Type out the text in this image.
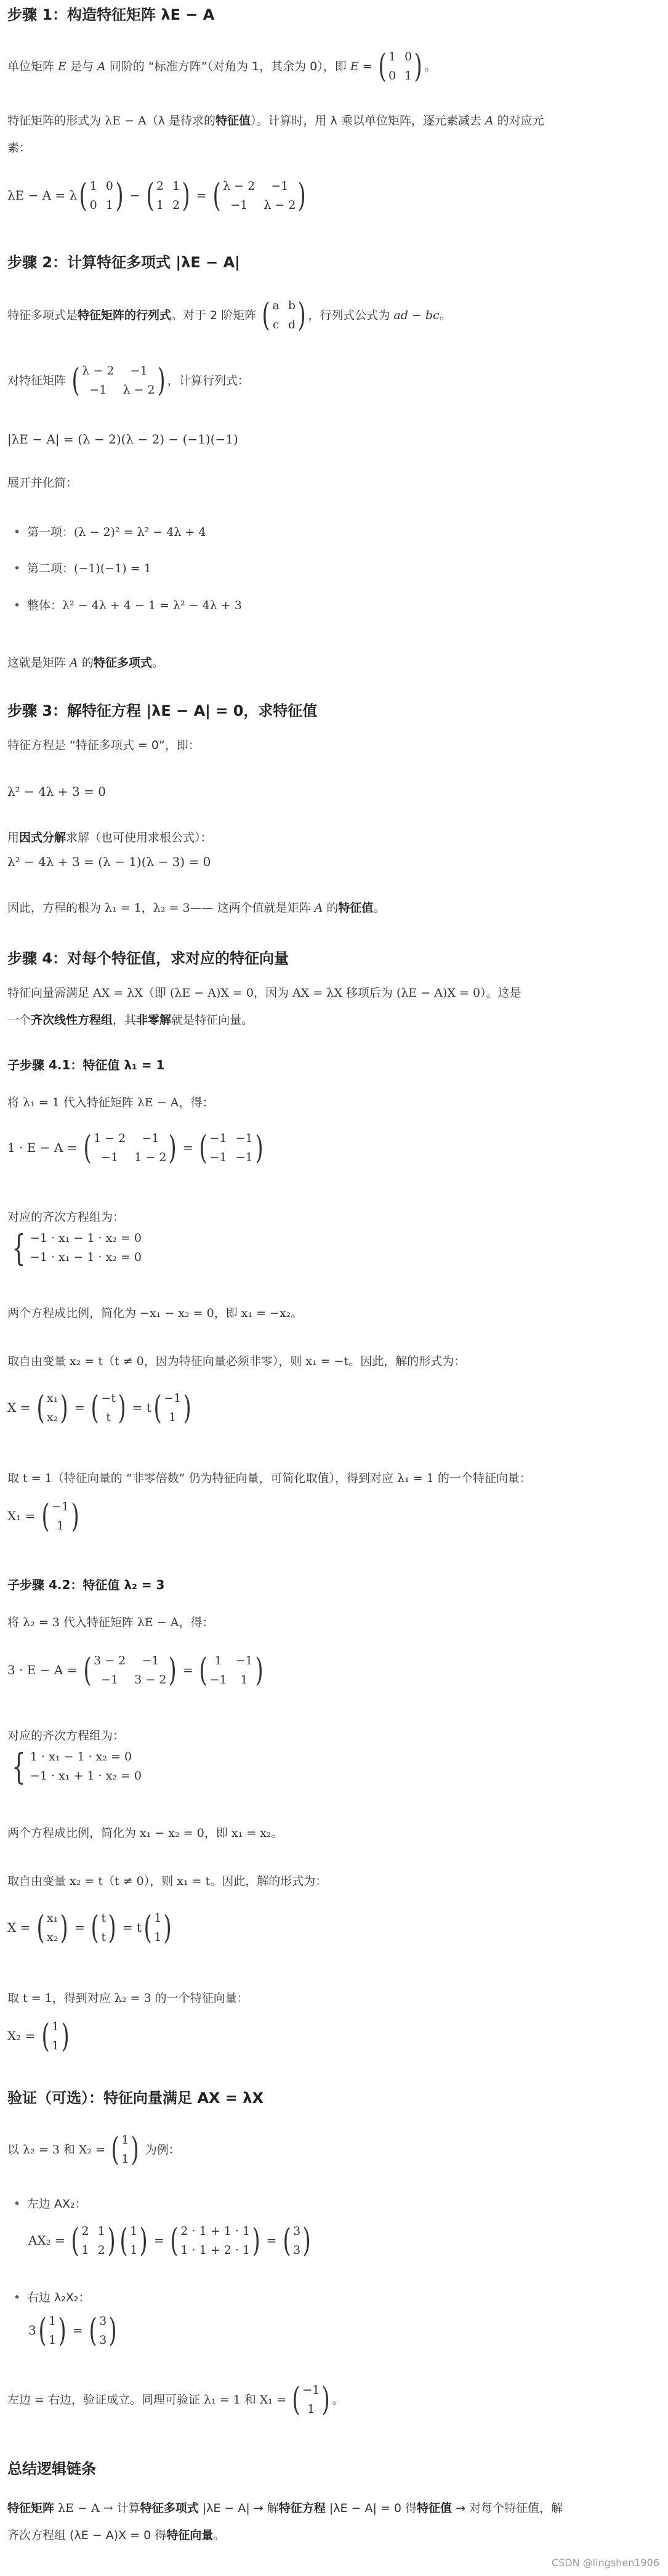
步骤 1：构造特征矩阵 λE − A
单位矩阵 E 是与 A 同阶的 “标准方阵”（对角为 1，其余为 0），即 E = ( 1 0
0 1 ) 。
特征矩阵的形式为 λE − A（λ 是待求的特征值）。计算时，用 λ 乘以单位矩阵，逐元素减去 A 的对应元
素：
λE − A = λ ( 1 0
0 1 ) − ( 2 1
1 2 ) = ( λ − 2	−1
−1	λ − 2 )
步骤 2：计算特征多项式 |λE − A|
特征多项式是特征矩阵的行列式。对于 2 阶矩阵 ( a b
c d ) ，行列式公式为 ad − bc。
对特征矩阵 ( λ − 2	−1
−1	λ − 2 ) ，计算行列式：
|λE − A| = (λ − 2)(λ − 2) − (−1)(−1)
展开并化简：
• 第一项：(λ − 2)² = λ² − 4λ + 4
• 第二项：(−1)(−1) = 1
• 整体：λ² − 4λ + 4 − 1 = λ² − 4λ + 3
这就是矩阵 A 的特征多项式。
步骤 3：解特征方程 |λE − A| = 0，求特征值
特征方程是 “特征多项式 = 0”，即：
λ² − 4λ + 3 = 0
用因式分解求解（也可使用求根公式）：
λ² − 4λ + 3 = (λ − 1)(λ − 3) = 0
因此，方程的根为 λ₁ = 1，λ₂ = 3—— 这两个值就是矩阵 A 的特征值。
步骤 4：对每个特征值，求对应的特征向量
特征向量需满足 AX = λX（即 (λE − A)X = 0，因为 AX = λX 移项后为 (λE − A)X = 0）。这是
一个齐次线性方程组，其非零解就是特征向量。
子步骤 4.1：特征值 λ₁ = 1
将 λ₁ = 1 代入特征矩阵 λE − A，得：
1 · E − A = ( 1 − 2	−1
−1	1 − 2 ) = ( −1 −1
−1 −1 )
对应的齐次方程组为：
{ −1 · x₁ − 1 · x₂ = 0
−1 · x₁ − 1 · x₂ = 0
两个方程成比例，简化为 −x₁ − x₂ = 0，即 x₁ = −x₂。
取自由变量 x₂ = t（t ≠ 0，因为特征向量必须非零），则 x₁ = −t。因此，解的形式为：
X = ( x₁
x₂ ) = ( −t
t ) = t ( −1
1 )
取 t = 1（特征向量的 “非零倍数” 仍为特征向量，可简化取值），得到对应 λ₁ = 1 的一个特征向量：
X₁ = ( −1
1 )
子步骤 4.2：特征值 λ₂ = 3
将 λ₂ = 3 代入特征矩阵 λE − A，得：
3 · E − A = ( 3 − 2	−1
−1	3 − 2 ) = ( 1	−1
−1	1 )
对应的齐次方程组为：
{ 1 · x₁ − 1 · x₂ = 0
−1 · x₁ + 1 · x₂ = 0
两个方程成比例，简化为 x₁ − x₂ = 0，即 x₁ = x₂。
取自由变量 x₂ = t（t ≠ 0），则 x₁ = t。因此，解的形式为：
X = ( x₁
x₂ ) = ( t
t ) = t ( 1
1 )
取 t = 1，得到对应 λ₂ = 3 的一个特征向量：
X₂ = ( 1
1 )
验证（可选）：特征向量满足 AX = λX
以 λ₂ = 3 和 X₂ = ( 1
1 ) 为例：
• 左边 AX₂：
AX₂ = ( 2 1
1 2 ) ( 1
1 ) = ( 2 · 1 + 1 · 1
1 · 1 + 2 · 1 ) = ( 3
3 )
• 右边 λ₂X₂：
3 ( 1
1 ) = ( 3
3 )
左边 = 右边，验证成立。同理可验证 λ₁ = 1 和 X₁ = ( −1
1 ) 。
总结逻辑链条
特征矩阵 λE − A → 计算特征多项式 |λE − A| → 解特征方程 |λE − A| = 0 得特征值 → 对每个特征值，解
齐次方程组 (λE − A)X = 0 得特征向量。
CSDN @lingshen1906
